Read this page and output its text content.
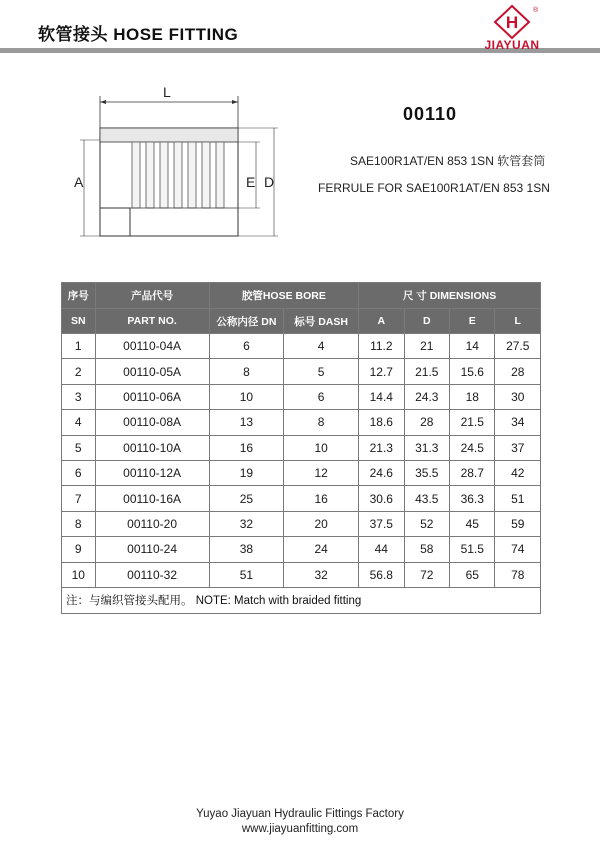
软管接头 HOSE FITTING
H
®
JIAYUAN
00110
SAE100R1AT/EN 853 1SN 软管套筒
FERRULE FOR SAE100R1AT/EN 853 1SN
L
A	E D
序号	产品代号	胶管HOSE BORE		尺 寸 DIMENSIONS			
SN	PART NO.	公称内径 DN	标号 DASH	A	D	E	L
1	00110-04A	6	4	11.2	21	14	27.5
2	00110-05A	8	5	12.7	21.5	15.6	28
3	00110-06A	10	6	14.4	24.3	18	30
4	00110-08A	13	8	18.6	28	21.5	34
5	00110-10A	16	10	21.3	31.3	24.5	37
6	00110-12A	19	12	24.6	35.5	28.7	42
7	00110-16A	25	16	30.6	43.5	36.3	51
8	00110-20	32	20	37.5	52	45	59
9	00110-24	38	24	44	58	51.5	74
10	00110-32	51	32	56.8	72	65	78
注：与编织管接头配用。 NOTE: Match with braided fitting							
Yuyao Jiayuan Hydraulic Fittings Factory
www.jiayuanfitting.com
